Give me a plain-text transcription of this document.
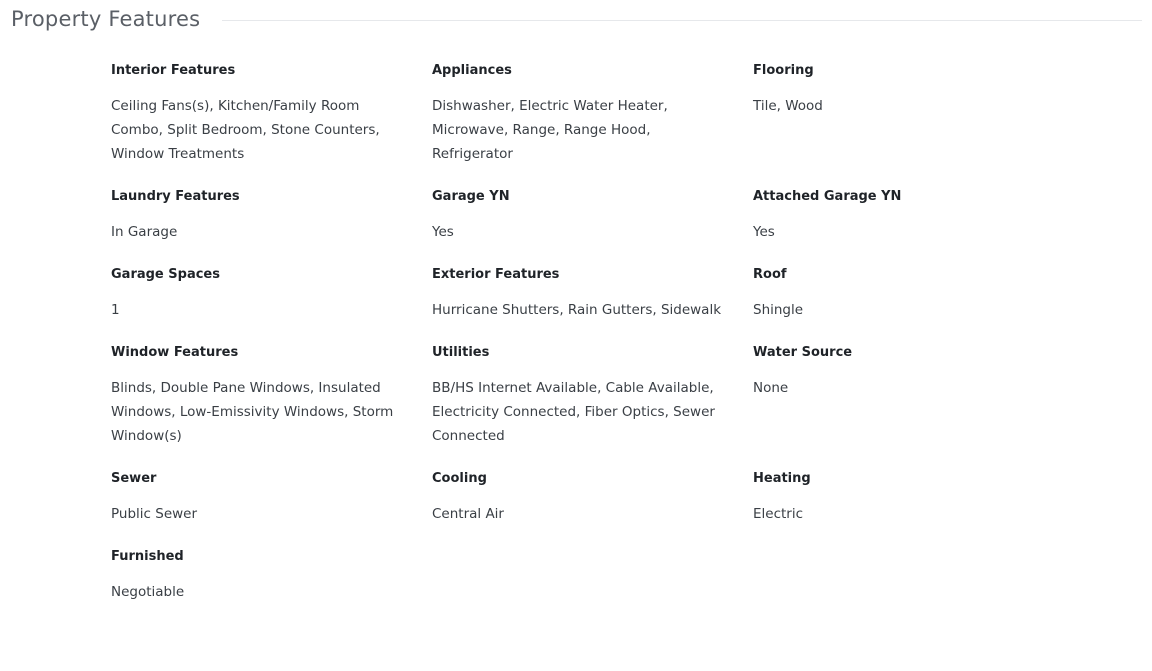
Property Features
Interior Features
Ceiling Fans(s), Kitchen/Family Room Combo, Split Bedroom, Stone Counters, Window Treatments
Appliances
Dishwasher, Electric Water Heater, Microwave, Range, Range Hood, Refrigerator
Flooring
Tile, Wood
Laundry Features
In Garage
Garage YN
Yes
Attached Garage YN
Yes
Garage Spaces
1
Exterior Features
Hurricane Shutters, Rain Gutters, Sidewalk
Roof
Shingle
Window Features
Blinds, Double Pane Windows, Insulated Windows, Low-Emissivity Windows, Storm Window(s)
Utilities
BB/HS Internet Available, Cable Available, Electricity Connected, Fiber Optics, Sewer Connected
Water Source
None
Sewer
Public Sewer
Cooling
Central Air
Heating
Electric
Furnished
Negotiable
